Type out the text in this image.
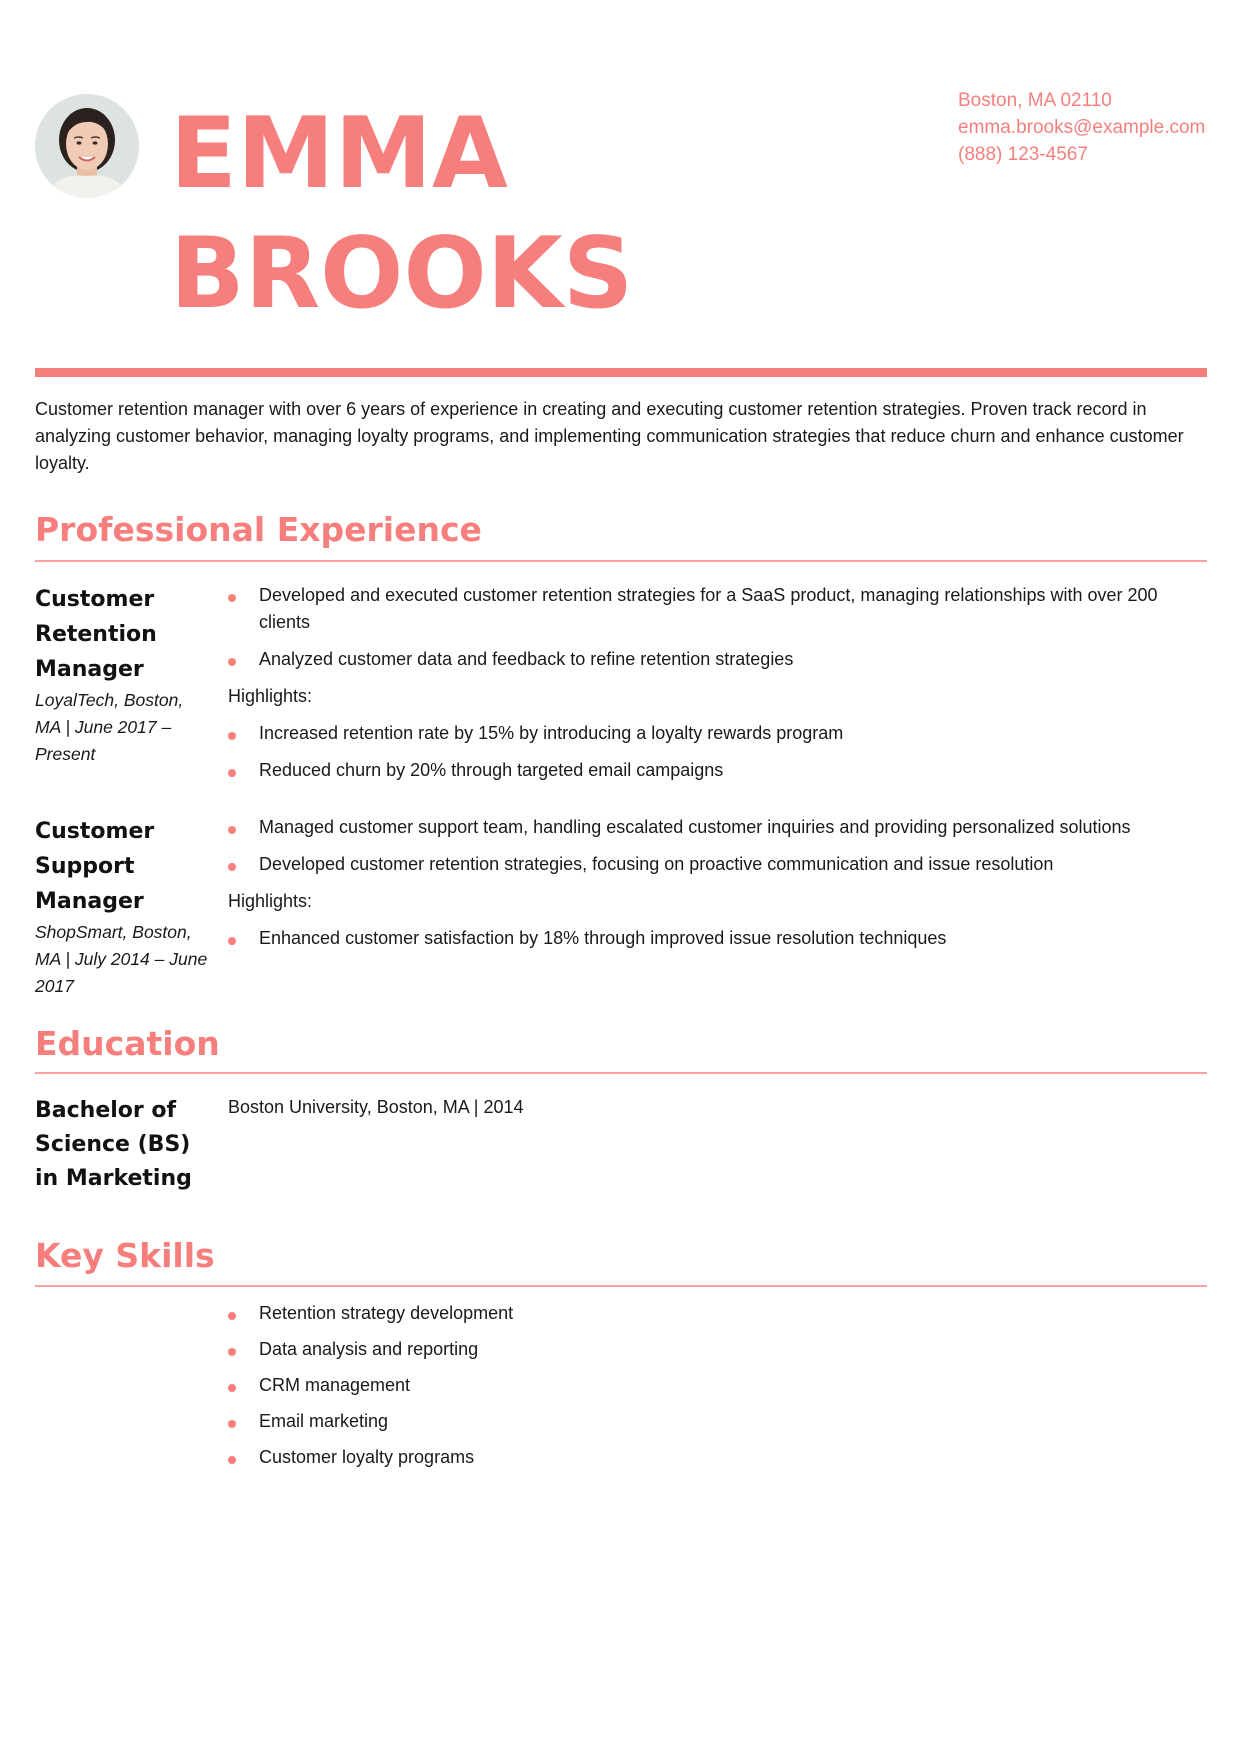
EMMA
BROOKS
Boston, MA 02110
emma.brooks@example.com
(888) 123-4567

Customer retention manager with over 6 years of experience in creating and executing customer retention strategies. Proven track record in analyzing customer behavior, managing loyalty programs, and implementing communication strategies that reduce churn and enhance customer loyalty.

Professional Experience
Customer Retention Manager
LoyalTech, Boston, MA | June 2017 – Present
Developed and executed customer retention strategies for a SaaS product, managing relationships with over 200 clients
Analyzed customer data and feedback to refine retention strategies
Highlights:
Increased retention rate by 15% by introducing a loyalty rewards program
Reduced churn by 20% through targeted email campaigns
Customer Support Manager
ShopSmart, Boston, MA | July 2014 – June 2017
Managed customer support team, handling escalated customer inquiries and providing personalized solutions
Developed customer retention strategies, focusing on proactive communication and issue resolution
Highlights:
Enhanced customer satisfaction by 18% through improved issue resolution techniques
Education
Bachelor of Science (BS) in Marketing
Boston University, Boston, MA | 2014
Key Skills
Retention strategy development
Data analysis and reporting
CRM management
Email marketing
Customer loyalty programs
